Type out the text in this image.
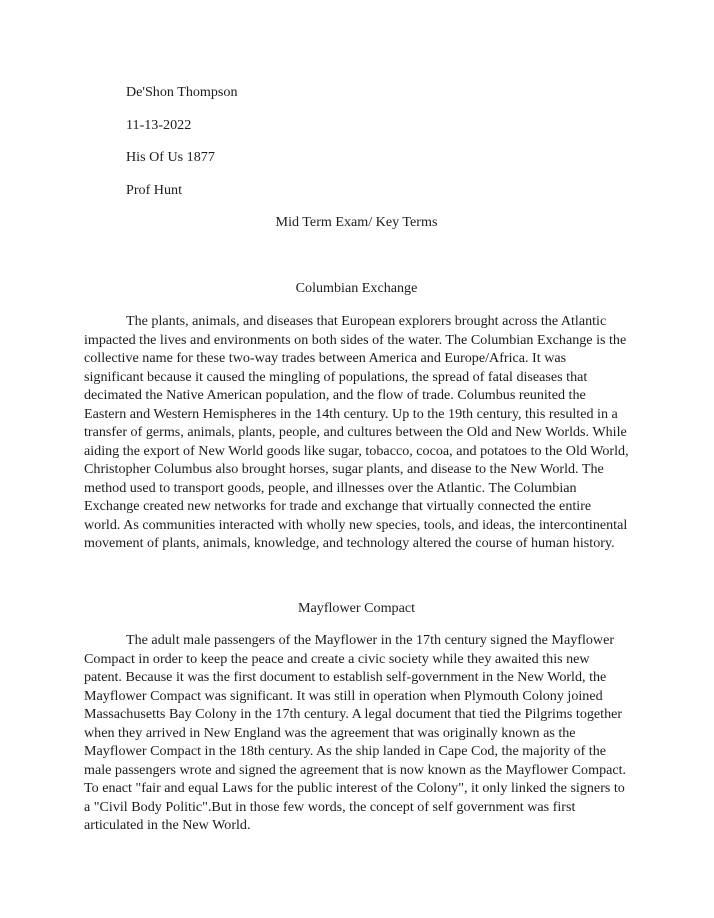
De'Shon Thompson
11-13-2022
His Of Us 1877
Prof Hunt
Mid Term Exam/ Key Terms
Columbian Exchange

The plants, animals, and diseases that European explorers brought across the Atlantic impacted the lives and environments on both sides of the water. The Columbian Exchange is the collective name for these two-way trades between America and Europe/Africa. It was significant because it caused the mingling of populations, the spread of fatal diseases that decimated the Native American population, and the flow of trade. Columbus reunited the Eastern and Western Hemispheres in the 14th century. Up to the 19th century, this resulted in a transfer of germs, animals, plants, people, and cultures between the Old and New Worlds. While aiding the export of New World goods like sugar, tobacco, cocoa, and potatoes to the Old World, Christopher Columbus also brought horses, sugar plants, and disease to the New World. The method used to transport goods, people, and illnesses over the Atlantic. The Columbian Exchange created new networks for trade and exchange that virtually connected the entire world. As communities interacted with wholly new species, tools, and ideas, the intercontinental movement of plants, animals, knowledge, and technology altered the course of human history.

Mayflower Compact

The adult male passengers of the Mayflower in the 17th century signed the Mayflower Compact in order to keep the peace and create a civic society while they awaited this new patent. Because it was the first document to establish self-government in the New World, the Mayflower Compact was significant. It was still in operation when Plymouth Colony joined Massachusetts Bay Colony in the 17th century. A legal document that tied the Pilgrims together when they arrived in New England was the agreement that was originally known as the Mayflower Compact in the 18th century. As the ship landed in Cape Cod, the majority of the male passengers wrote and signed the agreement that is now known as the Mayflower Compact. To enact "fair and equal Laws for the public interest of the Colony", it only linked the signers to a "Civil Body Politic".But in those few words, the concept of self government was first articulated in the New World.
